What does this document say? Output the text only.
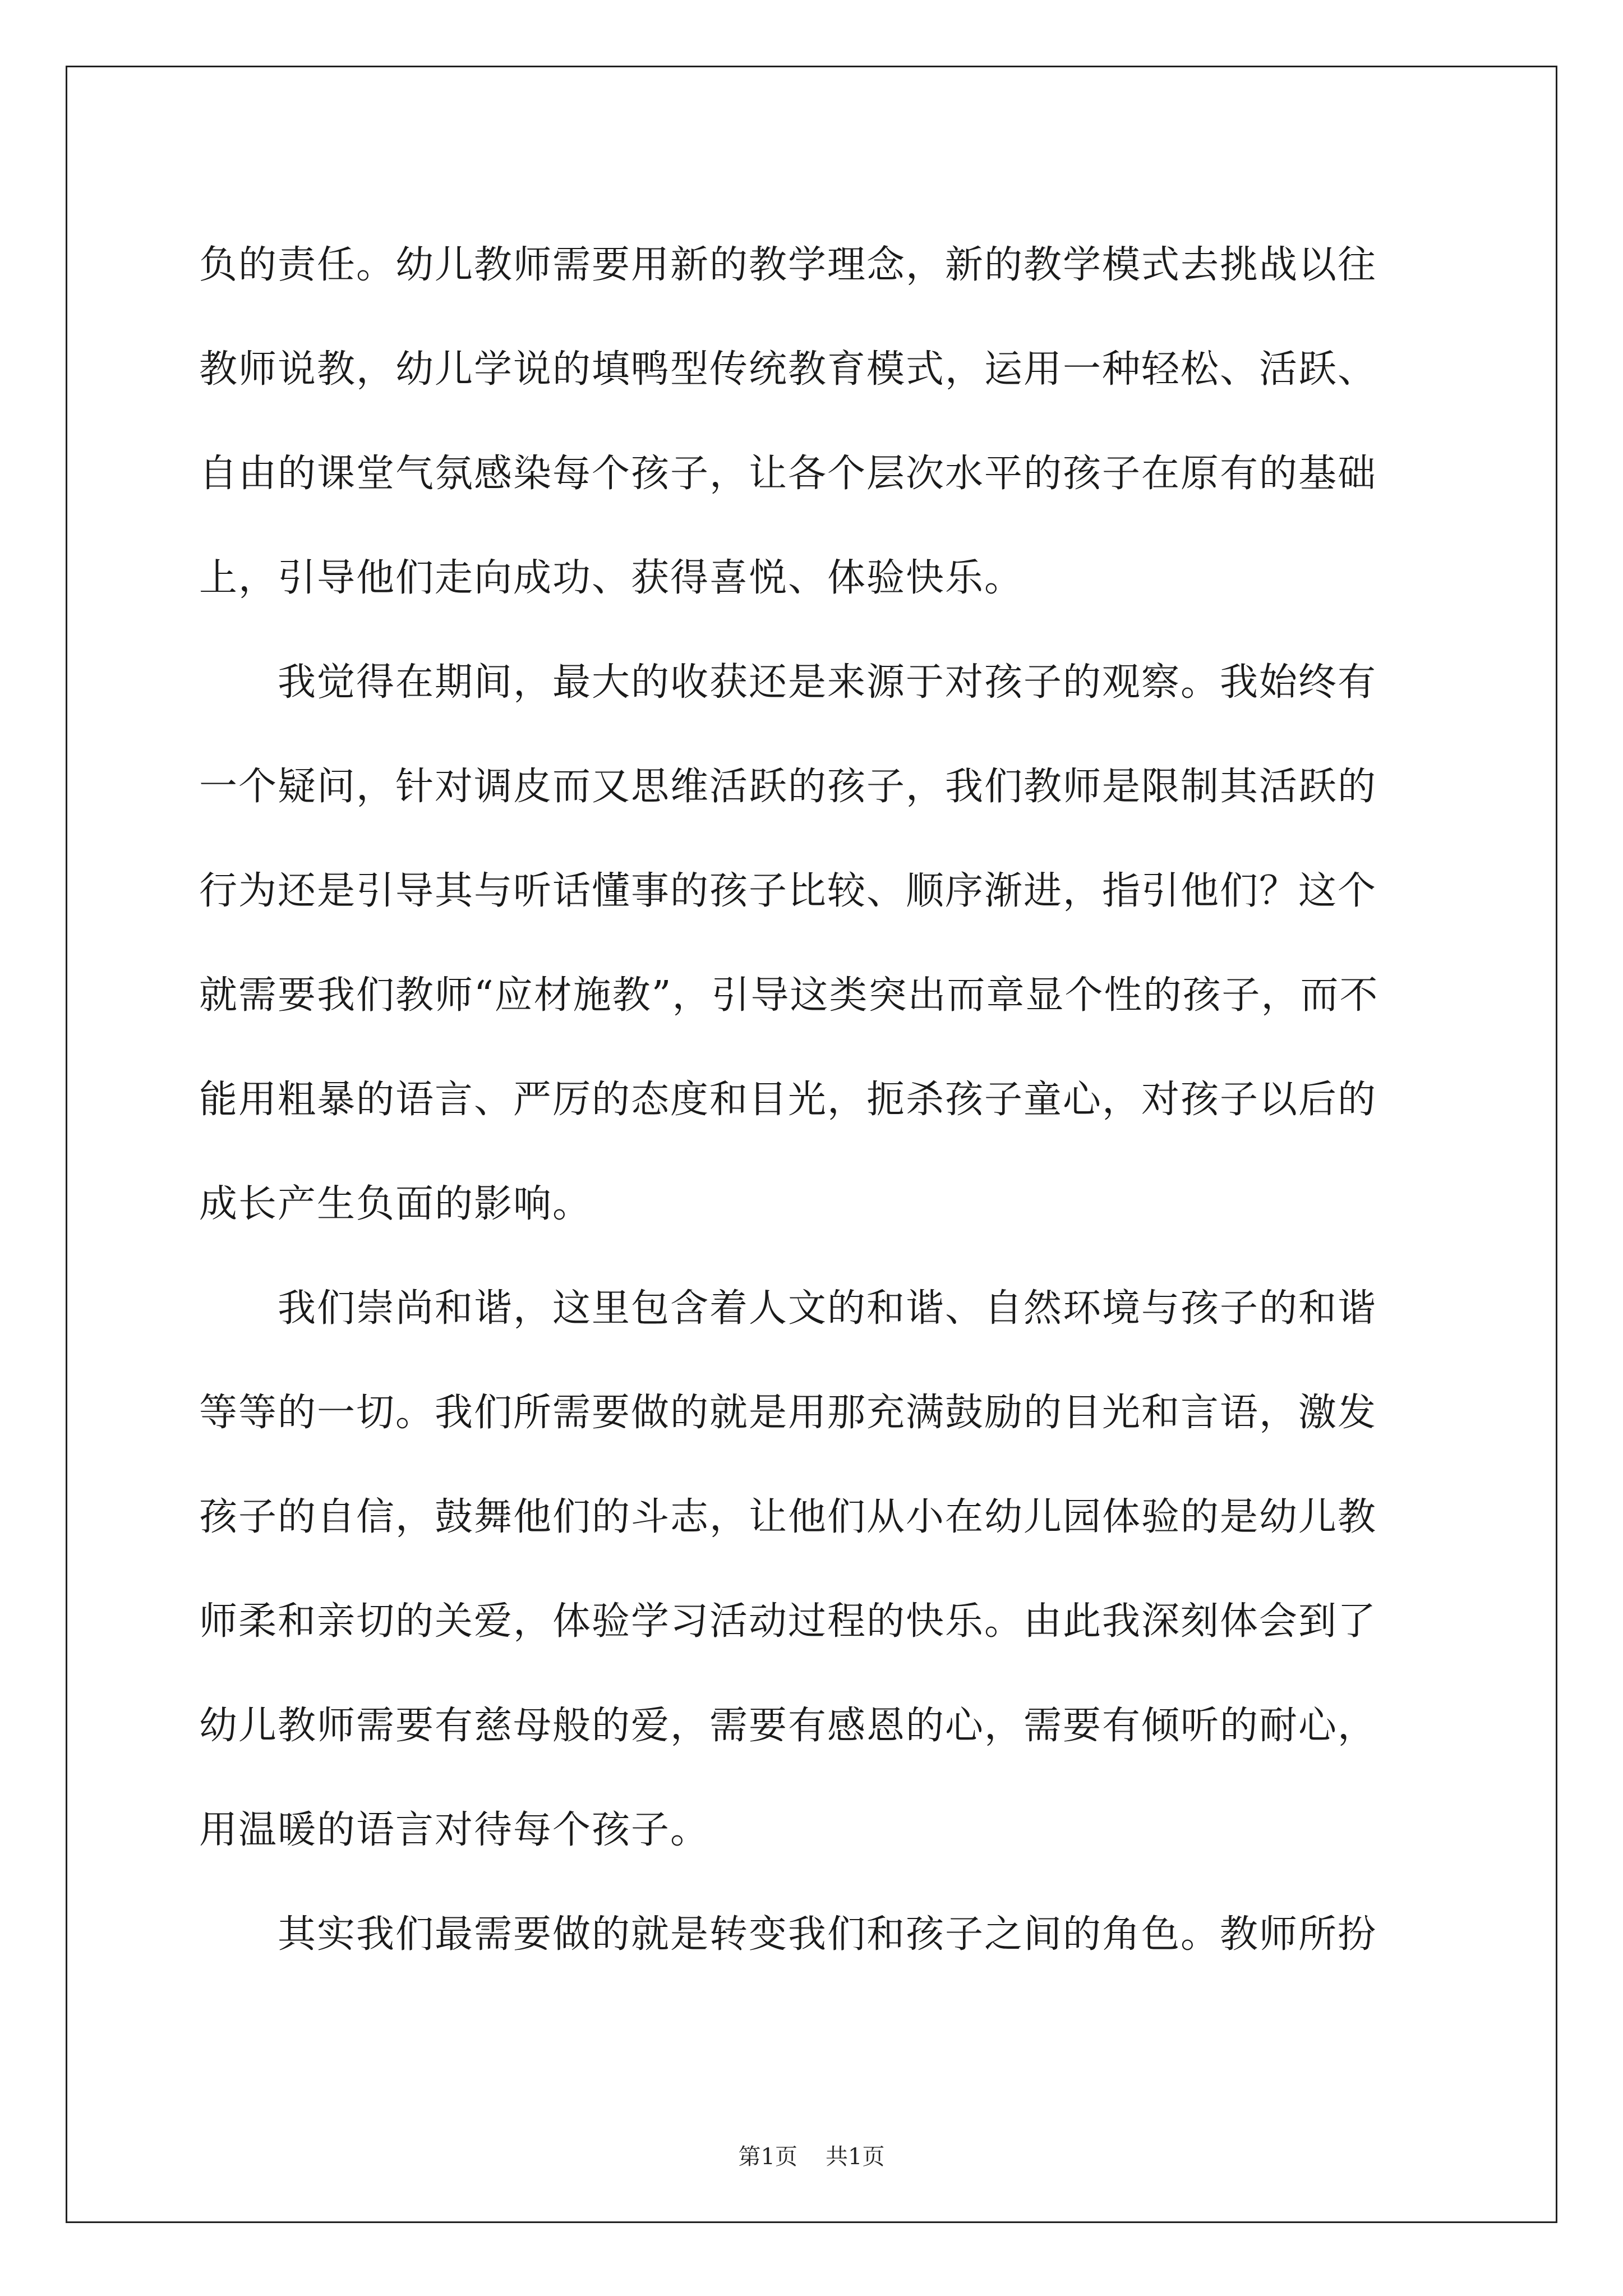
负的责任。幼儿教师需要用新的教学理念，新的教学模式去挑战以往
教师说教，幼儿学说的填鸭型传统教育模式，运用一种轻松、活跃、
自由的课堂气氛感染每个孩子，让各个层次水平的孩子在原有的基础
上，引导他们走向成功、获得喜悦、体验快乐。
我觉得在期间，最大的收获还是来源于对孩子的观察。我始终有
一个疑问，针对调皮而又思维活跃的孩子，我们教师是限制其活跃的
行为还是引导其与听话懂事的孩子比较、顺序渐进，指引他们？这个
就需要我们教师“应材施教”，引导这类突出而章显个性的孩子，而不
能用粗暴的语言、严厉的态度和目光，扼杀孩子童心，对孩子以后的
成长产生负面的影响。
我们崇尚和谐，这里包含着人文的和谐、自然环境与孩子的和谐
等等的一切。我们所需要做的就是用那充满鼓励的目光和言语，激发
孩子的自信，鼓舞他们的斗志，让他们从小在幼儿园体验的是幼儿教
师柔和亲切的关爱，体验学习活动过程的快乐。由此我深刻体会到了
幼儿教师需要有慈母般的爱，需要有感恩的心，需要有倾听的耐心，
用温暖的语言对待每个孩子。
其实我们最需要做的就是转变我们和孩子之间的角色。教师所扮
第1页 共1页
